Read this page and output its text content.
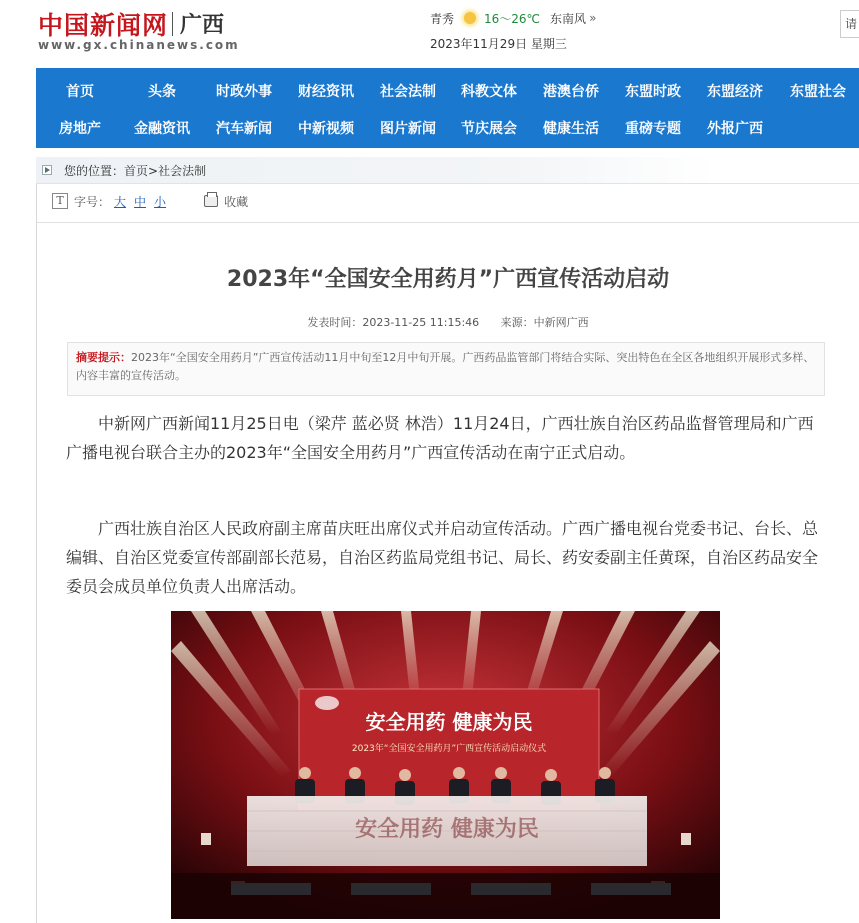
中国新闻网 广西
www.gx.chinanews.com
青秀	16～26℃ 东南风 »
2023年11月29日 星期三
请
首页	头条	时政外事	财经资讯	社会法制	科教文体	港澳台侨	东盟时政	东盟经济	东盟社会
房地产	金融资讯	汽车新闻	中新视频	图片新闻	节庆展会	健康生活	重磅专题	外报广西
您的位置：首页>社会法制
T 字号： 大 中 小	收藏
2023年“全国安全用药月”广西宣传活动启动
发表时间：2023-11-25 11:15:46 来源：中新网广西
摘要提示：2023年“全国安全用药月”广西宣传活动11月中旬至12月中旬开展。广西药品监管部门将结合实际、突出特色在全区各地组织开展形式多样、内容丰富的宣传活动。

中新网广西新闻11月25日电（梁芹 蓝必贤 林浩）11月24日，广西壮族自治区药品监督管理局和广西广播电视台联合主办的2023年“全国安全用药月”广西宣传活动在南宁正式启动。

广西壮族自治区人民政府副主席苗庆旺出席仪式并启动宣传活动。广西广播电视台党委书记、台长、总编辑、自治区党委宣传部副部长范易，自治区药监局党组书记、局长、药安委副主任黄琛，自治区药品安全委员会成员单位负责人出席活动。

安全用药 健康为民
2023年“全国安全用药月”广西宣传活动启动仪式
安全用药 健康为民
